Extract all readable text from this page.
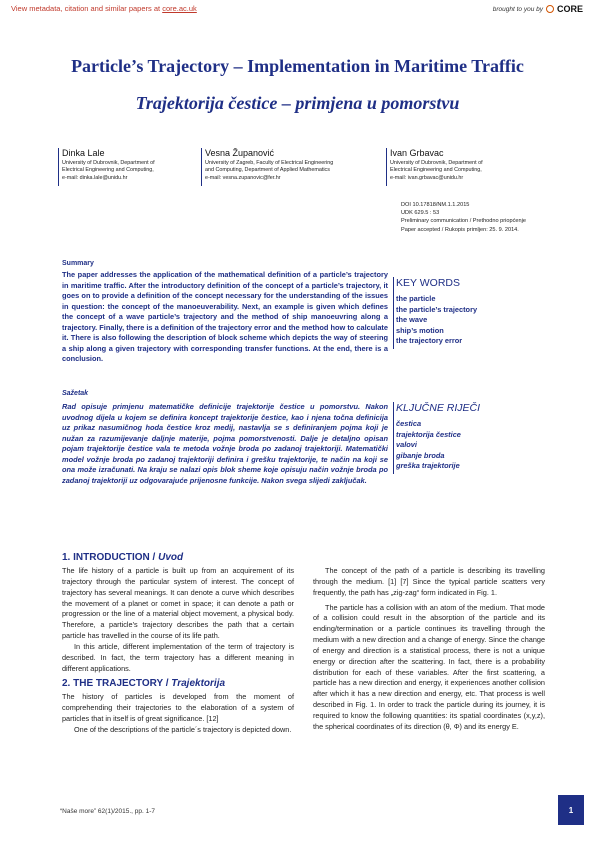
View metadata, citation and similar papers at core.ac.uk	brought to you by CORE
Particle’s Trajectory – Implementation in Maritime Traffic
Trajektorija čestice – primjena u pomorstvu
Dinka Lale
University of Dubrovnik, Department of
Electrical Engineering and Computing,
e-mail: dinka.lale@unidu.hr
Vesna Županović
University of Zagreb, Faculty of Electrical Engineering
and Computing, Department of Applied Mathematics
e-mail: vesna.zupanovic@fer.hr
Ivan Grbavac
University of Dubrovnik, Department of
Electrical Engineering and Computing,
e-mail: ivan.grbavac@unidu.hr
DOI 10.17818/NM.1.1.2015
UDK 629.5 : 53
Preliminary communication / Prethodno priopćenje
Paper accepted / Rukopis primljen: 25. 9. 2014.
Summary
The paper addresses the application of the mathematical definition of a particle’s trajectory in maritime traffic. After the introductory definition of the concept of a particle’s trajectory, it goes on to provide a definition of the concept necessary for the understanding of the issues in question: the concept of the manoeuverability. Next, an example is given which defines the concept of a wave particle’s trajectory and the method of ship manoeuvring along a trajectory. Finally, there is a definition of the trajectory error and the method how to calculate it. There is also following the description of block scheme which depicts the way of steering a ship along a given trajectory with corresponding transfer functions. At the end, there is a conclusion.
KEY WORDS
the particle
the particle’s trajectory
the wave
ship’s motion
the trajectory error
Sažetak
Rad opisuje primjenu matematičke definicije trajektorije čestice u pomorstvu. Nakon uvodnog dijela u kojem se definira koncept trajektorije čestice, kao i njena točna definicija uz prikaz nasumičnog hoda čestice kroz medij, nastavlja se s definiranjem pojma koji je nužan za razumijevanje daljnje materije, pojma pomorstvenosti. Dalje je detaljno opisan pojam trajektorije čestice vala te metoda vožnje broda po zadanoj trajektoriji. Matematički model vožnje broda po zadanoj trajektoriji definira i grešku trajektorije, te način na koji se ona može izračunati. Na kraju se nalazi opis blok sheme koje opisuju način vožnje broda po zadanoj trajektoriji uz odgovarajuće prijenosne funkcije. Nakon svega slijedi zaključak.
KLJUČNE RIJEČI
čestica
trajektorija čestice
valovi
gibanje broda
greška trajektorije
1. INTRODUCTION / Uvod

The life history of a particle is built up from an acquirement of its trajectory through the particular system of interest. The concept of trajectory has several meanings. It can denote a curve which describes the movement of a planet or comet in space; it can denote a path or progression or the line of a material object movement, a physical body. Therefore, a particle’s trajectory describes the path that a certain particle has travelled in the course of its life path.

In this article, different implementation of the term of trajectory is described. In fact, the term trajectory has a different meaning in different applications.

2. THE TRAJECTORY / Trajektorija

The history of particles is developed from the moment of comprehending their trajectories to the elaboration of a system of particles that in itself is of great significance. [12]

One of the descriptions of the particle´s trajectory is depicted down.

The concept of the path of a particle is describing its travelling through the medium. [1] [7] Since the typical particle scatters very frequently, the path has „zig-zag“ form indicated in Fig. 1.

The particle has a collision with an atom of the medium. That mode of a collision could result in the absorption of the particle and its ending/termination or a particle continues its travelling through the medium with a new direction and a change of energy. Since the change of energy and direction is a statistical process, there is not a unique energy or direction after the scattering. In fact, there is a probability distribution for each of these variables. After the first scattering, a particle has a new direction and energy, it experiences another collision after which it has a new direction and energy, etc. That process is well described in Fig. 1. In order to track the particle during its journey, it is required to know the following quantities: its spatial coordinates (x,y,z), the spherical coordinates of its direction (θ, Φ) and its energy E.

“Naše more” 62(1)/2015., pp. 1-7	1
